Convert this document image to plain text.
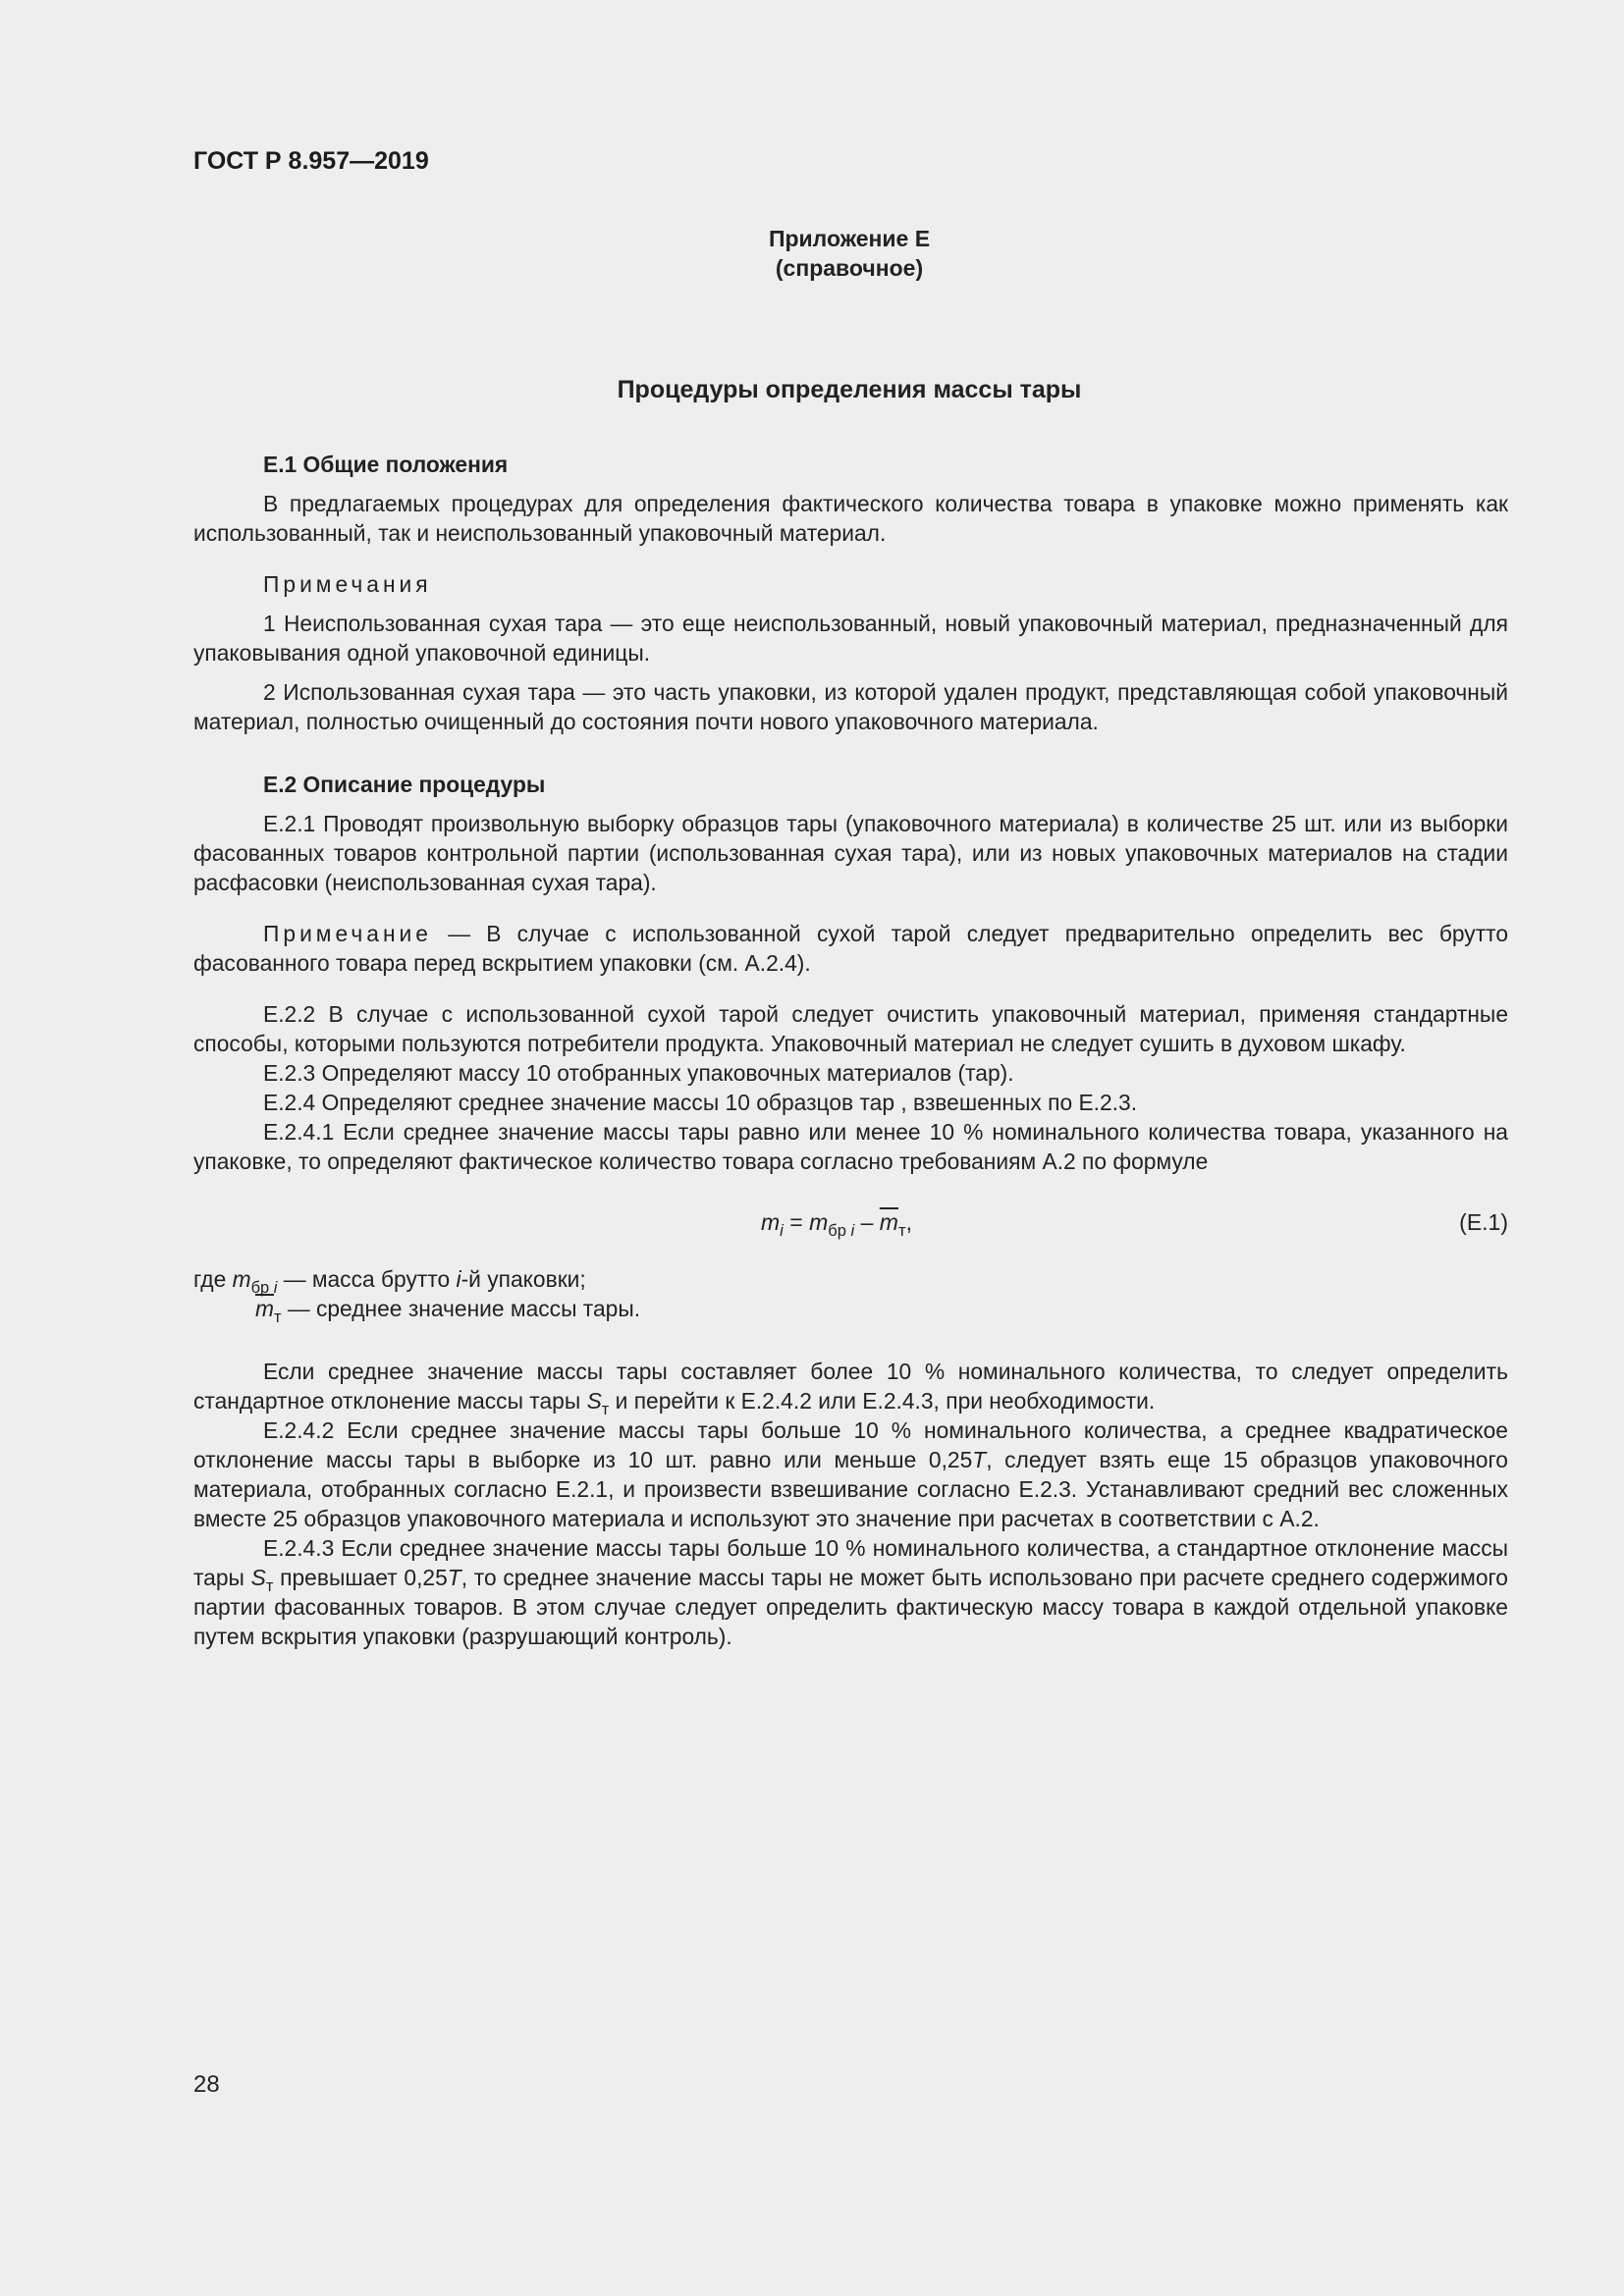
ГОСТ Р 8.957—2019
Приложение Е
(справочное)
Процедуры определения массы тары

Е.1 Общие положения

В предлагаемых процедурах для определения фактического количества товара в упаковке можно применять как использованный, так и неиспользованный упаковочный материал.

Примечания

1 Неиспользованная сухая тара — это еще неиспользованный, новый упаковочный материал, предназначенный для упаковывания одной упаковочной единицы.

2 Использованная сухая тара — это часть упаковки, из которой удален продукт, представляющая собой упаковочный материал, полностью очищенный до состояния почти нового упаковочного материала.

Е.2 Описание процедуры

Е.2.1 Проводят произвольную выборку образцов тары (упаковочного материала) в количестве 25 шт. или из выборки фасованных товаров контрольной партии (использованная сухая тара), или из новых упаковочных материалов на стадии расфасовки (неиспользованная сухая тара).

Примечание — В случае с использованной сухой тарой следует предварительно определить вес брутто фасованного товара перед вскрытием упаковки (см. А.2.4).

Е.2.2 В случае с использованной сухой тарой следует очистить упаковочный материал, применяя стандартные способы, которыми пользуются потребители продукта. Упаковочный материал не следует сушить в духовом шкафу.

Е.2.3 Определяют массу 10 отобранных упаковочных материалов (тар).

Е.2.4 Определяют среднее значение массы 10 образцов тар , взвешенных по Е.2.3.

Е.2.4.1 Если среднее значение массы тары равно или менее 10 % номинального количества товара, указанного на упаковке, то определяют фактическое количество товара согласно требованиям А.2 по формуле

$m_i = m_{бр i} - \overline{m}_т$,	(Е.1)

где $m_{бр i}$ — масса брутто i-й упаковки;

$\overline{m}_т$ — среднее значение массы тары.

Если среднее значение массы тары составляет более 10 % номинального количества, то следует определить стандартное отклонение массы тары $S_т$ и перейти к Е.2.4.2 или Е.2.4.3, при необходимости.

Е.2.4.2 Если среднее значение массы тары больше 10 % номинального количества, а среднее квадратическое отклонение массы тары в выборке из 10 шт. равно или меньше 0,25T, следует взять еще 15 образцов упаковочного материала, отобранных согласно Е.2.1, и произвести взвешивание согласно Е.2.3. Устанавливают средний вес сложенных вместе 25 образцов упаковочного материала и используют это значение при расчетах в соответствии с А.2.

Е.2.4.3 Если среднее значение массы тары больше 10 % номинального количества, а стандартное отклонение массы тары $S_т$ превышает 0,25T, то среднее значение массы тары не может быть использовано при расчете среднего содержимого партии фасованных товаров. В этом случае следует определить фактическую массу товара в каждой отдельной упаковке путем вскрытия упаковки (разрушающий контроль).

28
